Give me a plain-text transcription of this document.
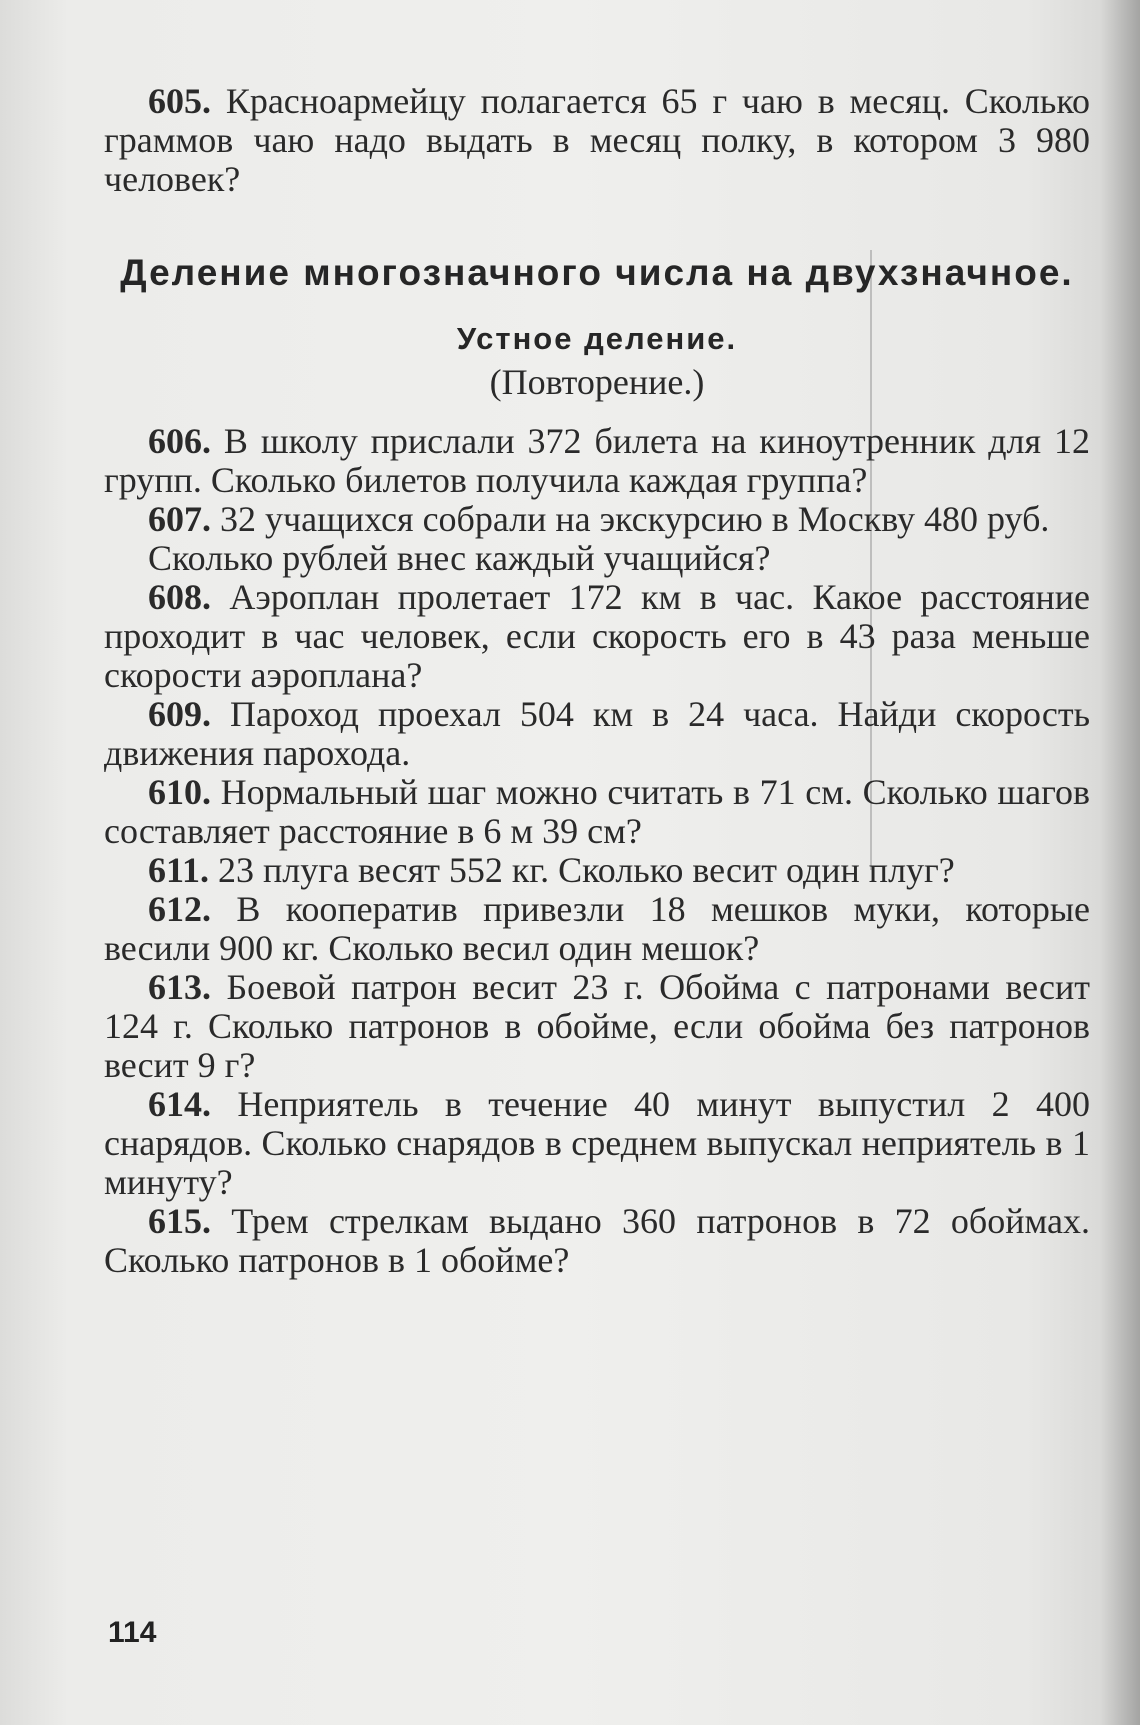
605. Красноармейцу полагается 65 г чаю в месяц. Сколько граммов чаю надо выдать в месяц полку, в котором 3 980 человек?

Деление многозначного числа на двухзначное.
Устное деление.
(Повторение.)

606. В школу прислали 372 билета на киноутренник для 12 групп. Сколько билетов получила каждая группа?

607. 32 учащихся собрали на экскурсию в Москву 480 руб.

Сколько рублей внес каждый учащийся?

608. Аэроплан пролетает 172 км в час. Какое расстояние проходит в час человек, если скорость его в 43 раза меньше скорости аэроплана?

609. Пароход проехал 504 км в 24 часа. Найди скорость движения парохода.

610. Нормальный шаг можно считать в 71 см. Сколько шагов составляет расстояние в 6 м 39 см?

611. 23 плуга весят 552 кг. Сколько весит один плуг?

612. В кооператив привезли 18 мешков муки, которые весили 900 кг. Сколько весил один мешок?

613. Боевой патрон весит 23 г. Обойма с патронами весит 124 г. Сколько патронов в обойме, если обойма без патронов весит 9 г?

614. Неприятель в течение 40 минут выпустил 2 400 снарядов. Сколько снарядов в среднем выпускал неприятель в 1 минуту?

615. Трем стрелкам выдано 360 патронов в 72 обоймах. Сколько патронов в 1 обойме?

114
